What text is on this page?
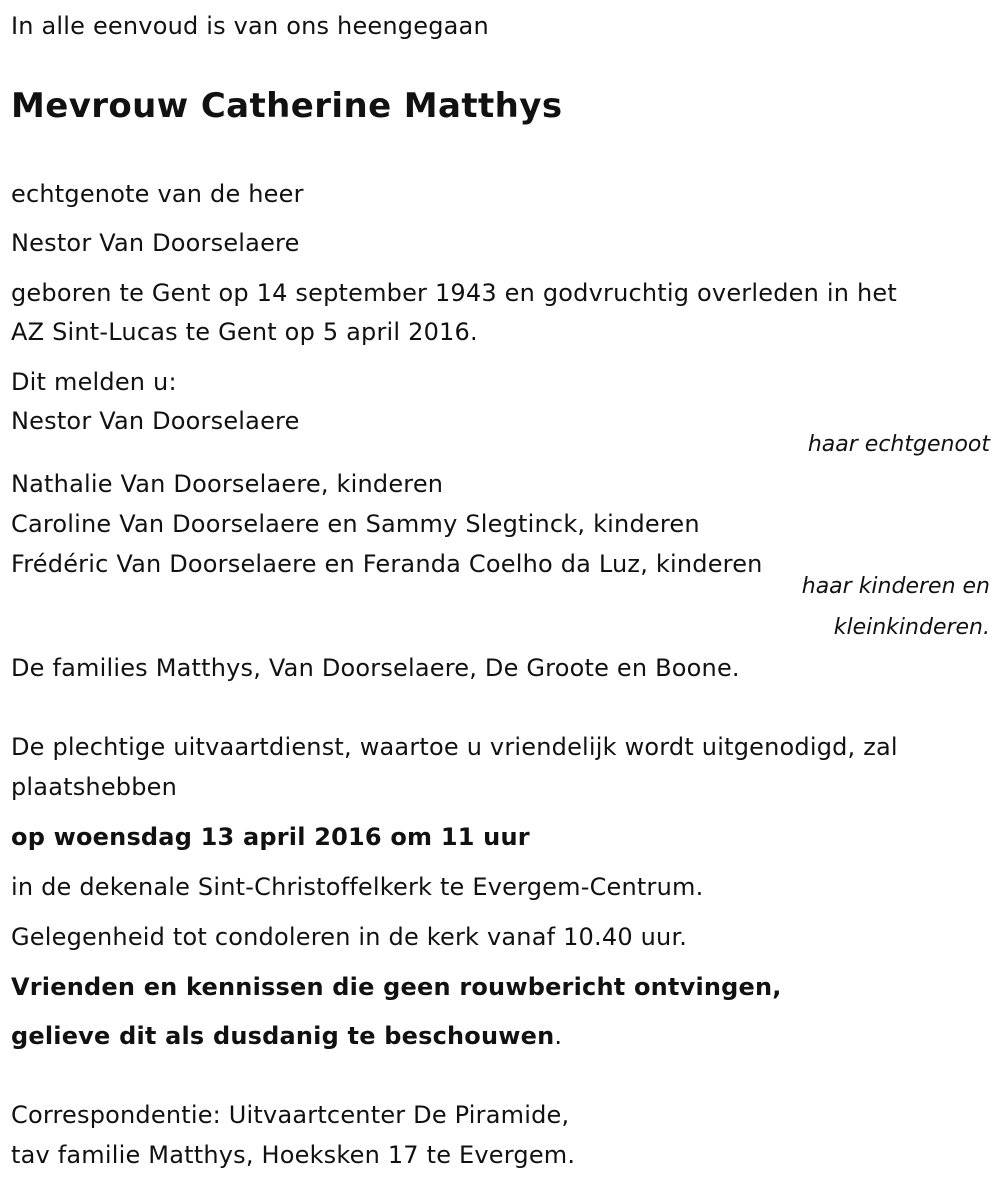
In alle eenvoud is van ons heengegaan
Mevrouw Catherine Matthys
echtgenote van de heer
Nestor Van Doorselaere
geboren te Gent op 14 september 1943 en godvruchtig overleden in het
AZ Sint-Lucas te Gent op 5 april 2016.
Dit melden u:
Nestor Van Doorselaere
haar echtgenoot
Nathalie Van Doorselaere, kinderen
Caroline Van Doorselaere en Sammy Slegtinck, kinderen
Frédéric Van Doorselaere en Feranda Coelho da Luz, kinderen
haar kinderen en
kleinkinderen.
De families Matthys, Van Doorselaere, De Groote en Boone.
De plechtige uitvaartdienst, waartoe u vriendelijk wordt uitgenodigd, zal
plaatshebben
op woensdag 13 april 2016 om 11 uur
in de dekenale Sint-Christoffelkerk te Evergem-Centrum.
Gelegenheid tot condoleren in de kerk vanaf 10.40 uur.
Vrienden en kennissen die geen rouwbericht ontvingen,
gelieve dit als dusdanig te beschouwen.
Correspondentie: Uitvaartcenter De Piramide,
tav familie Matthys, Hoeksken 17 te Evergem.
